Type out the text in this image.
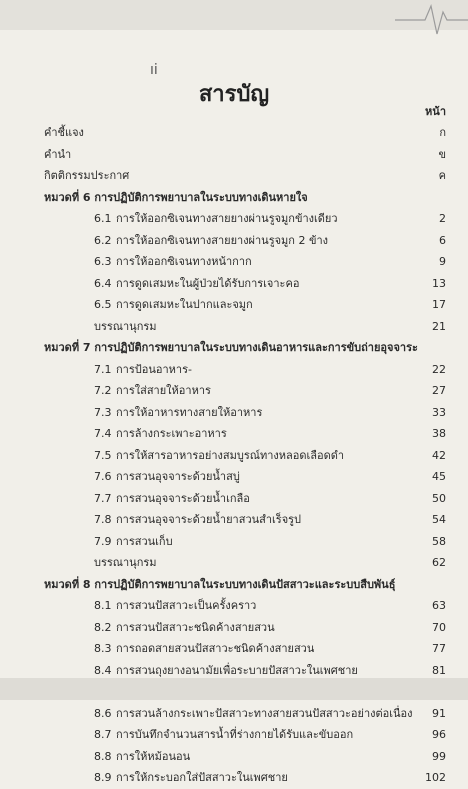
ıi
สารบัญ
หน้า
คำชี้แจง	ก
คำนำ	ข
กิตติกรรมประกาศ	ค
หมวดที่ 6 การปฏิบัติการพยาบาลในระบบทางเดินหายใจ
6.1 การให้ออกซิเจนทางสายยางผ่านรูจมูกข้างเดียว	2
6.2 การให้ออกซิเจนทางสายยางผ่านรูจมูก 2 ข้าง	6
6.3 การให้ออกซิเจนทางหน้ากาก	9
6.4 การดูดเสมหะในผู้ป่วยได้รับการเจาะคอ	13
6.5 การดูดเสมหะในปากและจมูก	17
บรรณานุกรม	21
หมวดที่ 7 การปฏิบัติการพยาบาลในระบบทางเดินอาหารและการขับถ่ายอุจจาระ
7.1 การป้อนอาหาร-	22
7.2 การใส่สายให้อาหาร	27
7.3 การให้อาหารทางสายให้อาหาร	33
7.4 การล้างกระเพาะอาหาร	38
7.5 การให้สารอาหารอย่างสมบูรณ์ทางหลอดเลือดดำ	42
7.6 การสวนอุจจาระด้วยน้ำสบู่	45
7.7 การสวนอุจจาระด้วยน้ำเกลือ	50
7.8 การสวนอุจจาระด้วยน้ำยาสวนสำเร็จรูป	54
7.9 การสวนเก็บ	58
บรรณานุกรม	62
หมวดที่ 8 การปฏิบัติการพยาบาลในระบบทางเดินปัสสาวะและระบบสืบพันธุ์
8.1 การสวนปัสสาวะเป็นครั้งคราว	63
8.2 การสวนปัสสาวะชนิดค้างสายสวน	70
8.3 การถอดสายสวนปัสสาวะชนิดค้างสายสวน	77
8.4 การสวนถุงยางอนามัยเพื่อระบายปัสสาวะในเพศชาย	81
8.6 การสวนล้างกระเพาะปัสสาวะทางสายสวนปัสสาวะอย่างต่อเนื่อง 91
8.7 การบันทึกจำนวนสารน้ำที่ร่างกายได้รับและขับออก	96
8.8 การให้หม้อนอน	99
8.9 การให้กระบอกใส่ปัสสาวะในเพศชาย	102
